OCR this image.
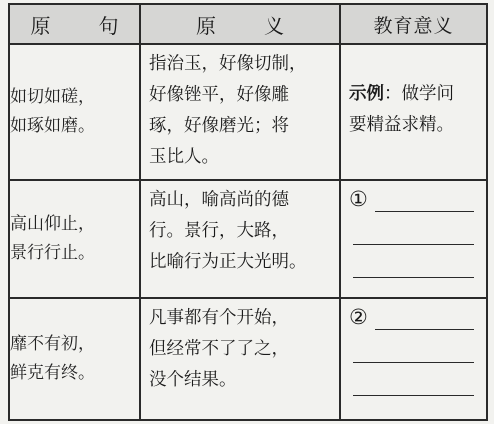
原　句	原　义	教育意义

如切如磋，
如琢如磨。	指治玉，好像切制，
好像锉平，好像雕
琢，好像磨光；将
玉比人。	示例：做学问
要精益求精。

高山仰止，
景行行止。	高山，喻高尚的德
行。景行，大路，
比喻行为正大光明。	①

靡不有初，
鲜克有终。	凡事都有个开始，
但经常不了了之，
没个结果。	②
